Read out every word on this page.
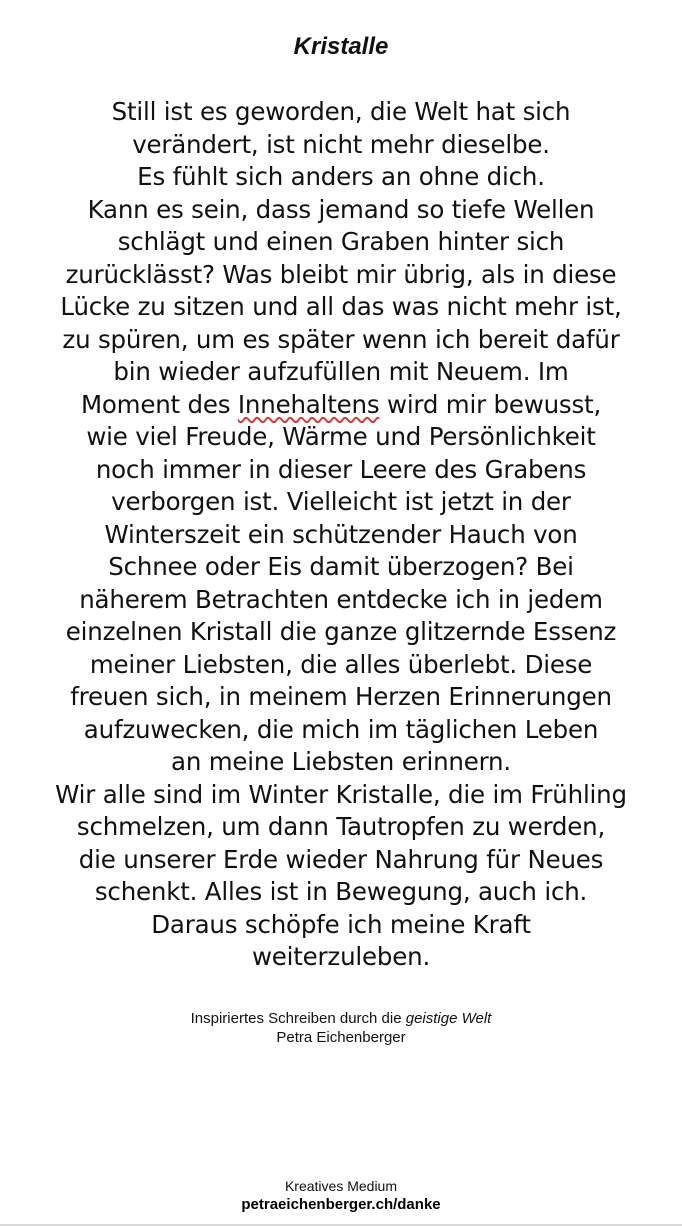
Kristalle
Still ist es geworden, die Welt hat sich
verändert, ist nicht mehr dieselbe.
Es fühlt sich anders an ohne dich.
Kann es sein, dass jemand so tiefe Wellen
schlägt und einen Graben hinter sich
zurücklässt? Was bleibt mir übrig, als in diese
Lücke zu sitzen und all das was nicht mehr ist,
zu spüren, um es später wenn ich bereit dafür
bin wieder aufzufüllen mit Neuem. Im
Moment des Innehaltens wird mir bewusst,
wie viel Freude, Wärme und Persönlichkeit
noch immer in dieser Leere des Grabens
verborgen ist. Vielleicht ist jetzt in der
Winterszeit ein schützender Hauch von
Schnee oder Eis damit überzogen? Bei
näherem Betrachten entdecke ich in jedem
einzelnen Kristall die ganze glitzernde Essenz
meiner Liebsten, die alles überlebt. Diese
freuen sich, in meinem Herzen Erinnerungen
aufzuwecken, die mich im täglichen Leben
an meine Liebsten erinnern.
Wir alle sind im Winter Kristalle, die im Frühling
schmelzen, um dann Tautropfen zu werden,
die unserer Erde wieder Nahrung für Neues
schenkt. Alles ist in Bewegung, auch ich.
Daraus schöpfe ich meine Kraft
weiterzuleben.
Inspiriertes Schreiben durch die geistige Welt
Petra Eichenberger
Kreatives Medium
petraeichenberger.ch/danke
